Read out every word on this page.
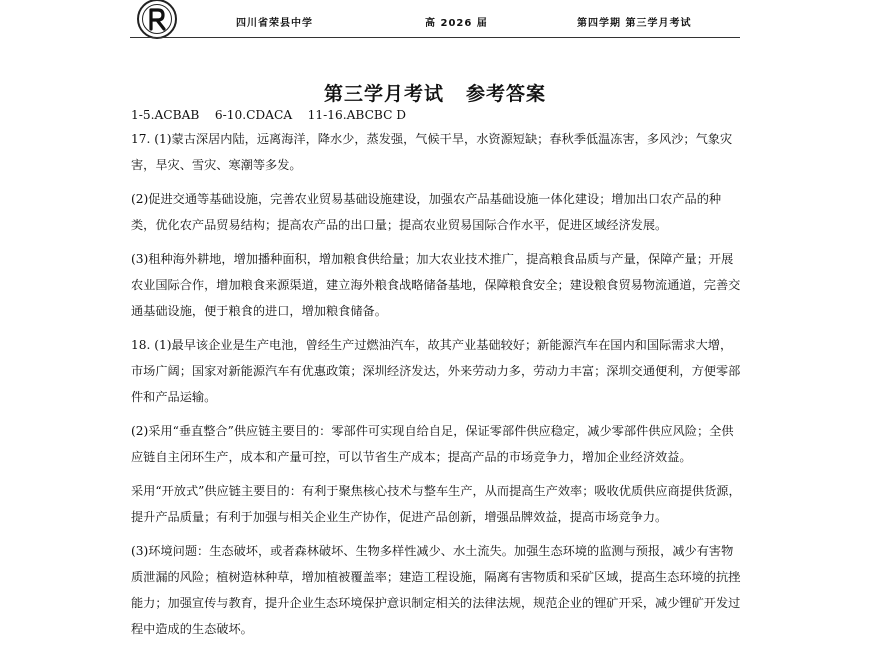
四川省荣县中学	高 2026 届	第四学期 第三学月考试
第三学月考试 参考答案

1-5.ACBAB    6-10.CDACA    11-16.ABCBC D

17. (1)蒙古深居内陆，远离海洋，降水少，蒸发强，气候干旱，水资源短缺；春秋季低温冻害，多风沙；气象灾害，旱灾、雪灾、寒潮等多发。

(2)促进交通等基础设施，完善农业贸易基础设施建设，加强农产品基础设施一体化建设；增加出口农产品的种类，优化农产品贸易结构；提高农产品的出口量；提高农业贸易国际合作水平，促进区域经济发展。

(3)租种海外耕地，增加播种面积，增加粮食供给量；加大农业技术推广，提高粮食品质与产量，保障产量；开展农业国际合作，增加粮食来源渠道，建立海外粮食战略储备基地，保障粮食安全；建设粮食贸易物流通道，完善交通基础设施，便于粮食的进口，增加粮食储备。

18. (1)最早该企业是生产电池，曾经生产过燃油汽车，故其产业基础较好；新能源汽车在国内和国际需求大增，市场广阔；国家对新能源汽车有优惠政策；深圳经济发达，外来劳动力多，劳动力丰富；深圳交通便利，方便零部件和产品运输。

(2)采用“垂直整合”供应链主要目的：零部件可实现自给自足，保证零部件供应稳定，减少零部件供应风险；全供应链自主闭环生产，成本和产量可控，可以节省生产成本；提高产品的市场竞争力，增加企业经济效益。

采用“开放式”供应链主要目的：有利于聚焦核心技术与整车生产，从而提高生产效率；吸收优质供应商提供货源，提升产品质量；有利于加强与相关企业生产协作，促进产品创新，增强品牌效益，提高市场竞争力。

(3)环境问题：生态破坏，或者森林破坏、生物多样性减少、水土流失。加强生态环境的监测与预报，减少有害物质泄漏的风险；植树造林种草，增加植被覆盖率；建造工程设施，隔离有害物质和采矿区域，提高生态环境的抗挫能力；加强宣传与教育，提升企业生态环境保护意识制定相关的法律法规，规范企业的锂矿开采，减少锂矿开发过程中造成的生态破坏。
